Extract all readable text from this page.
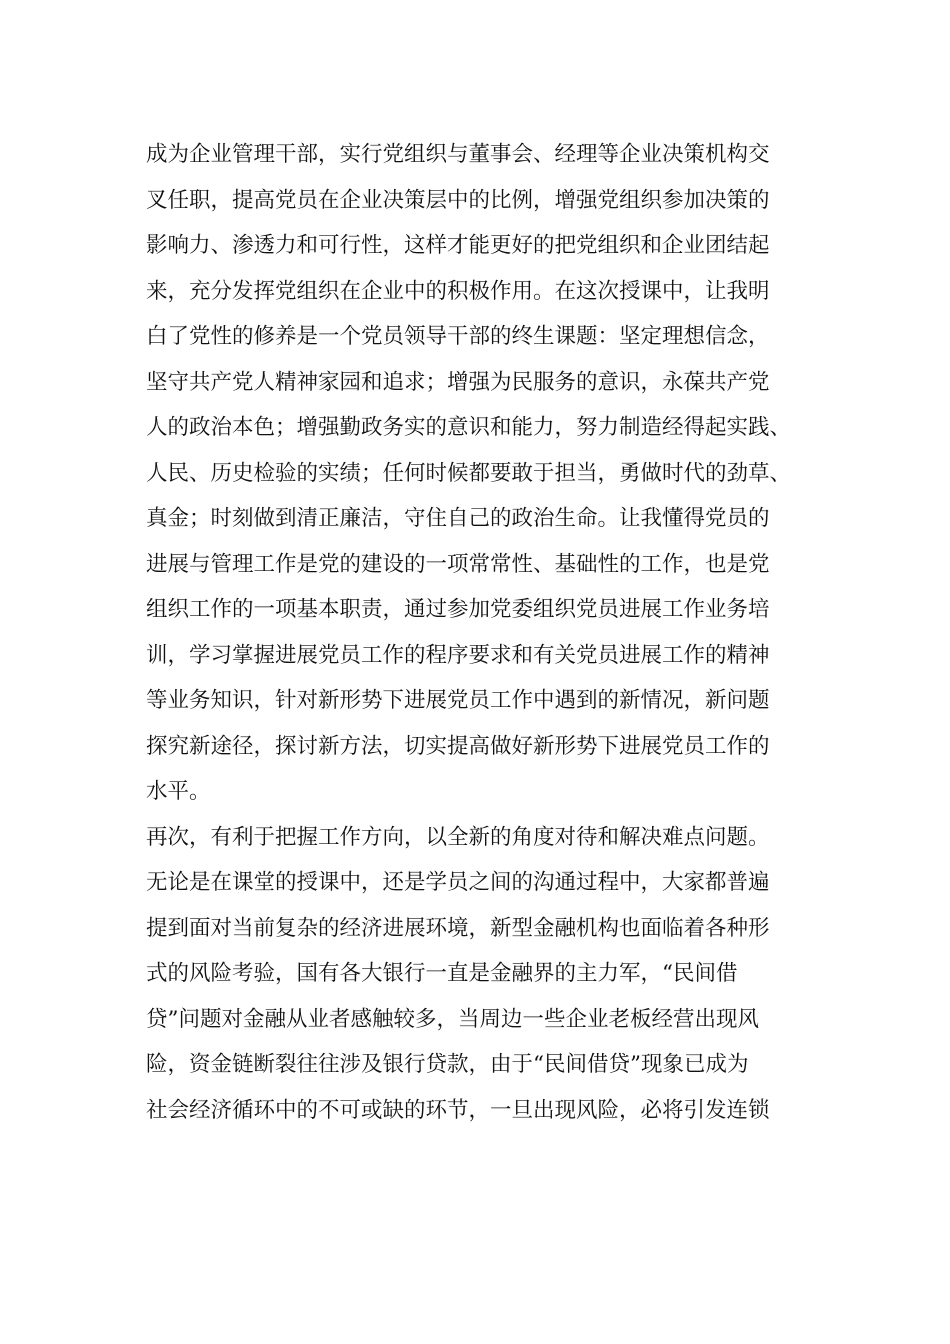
成为企业管理干部，实行党组织与董事会、经理等企业决策机构交
叉任职，提高党员在企业决策层中的比例，增强党组织参加决策的
影响力、渗透力和可行性，这样才能更好的把党组织和企业团结起
来，充分发挥党组织在企业中的积极作用。在这次授课中，让我明
白了党性的修养是一个党员领导干部的终生课题：坚定理想信念，
坚守共产党人精神家园和追求；增强为民服务的意识，永葆共产党
人的政治本色；增强勤政务实的意识和能力，努力制造经得起实践、
人民、历史检验的实绩；任何时候都要敢于担当，勇做时代的劲草、
真金；时刻做到清正廉洁，守住自己的政治生命。让我懂得党员的
进展与管理工作是党的建设的一项常常性、基础性的工作，也是党
组织工作的一项基本职责，通过参加党委组织党员进展工作业务培
训，学习掌握进展党员工作的程序要求和有关党员进展工作的精神
等业务知识，针对新形势下进展党员工作中遇到的新情况，新问题
探究新途径，探讨新方法，切实提高做好新形势下进展党员工作的
水平。
再次，有利于把握工作方向，以全新的角度对待和解决难点问题。
无论是在课堂的授课中，还是学员之间的沟通过程中，大家都普遍
提到面对当前复杂的经济进展环境，新型金融机构也面临着各种形
式的风险考验，国有各大银行一直是金融界的主力军，“民间借
贷”问题对金融从业者感触较多，当周边一些企业老板经营出现风
险，资金链断裂往往涉及银行贷款，由于“民间借贷”现象已成为
社会经济循环中的不可或缺的环节，一旦出现风险，必将引发连锁
